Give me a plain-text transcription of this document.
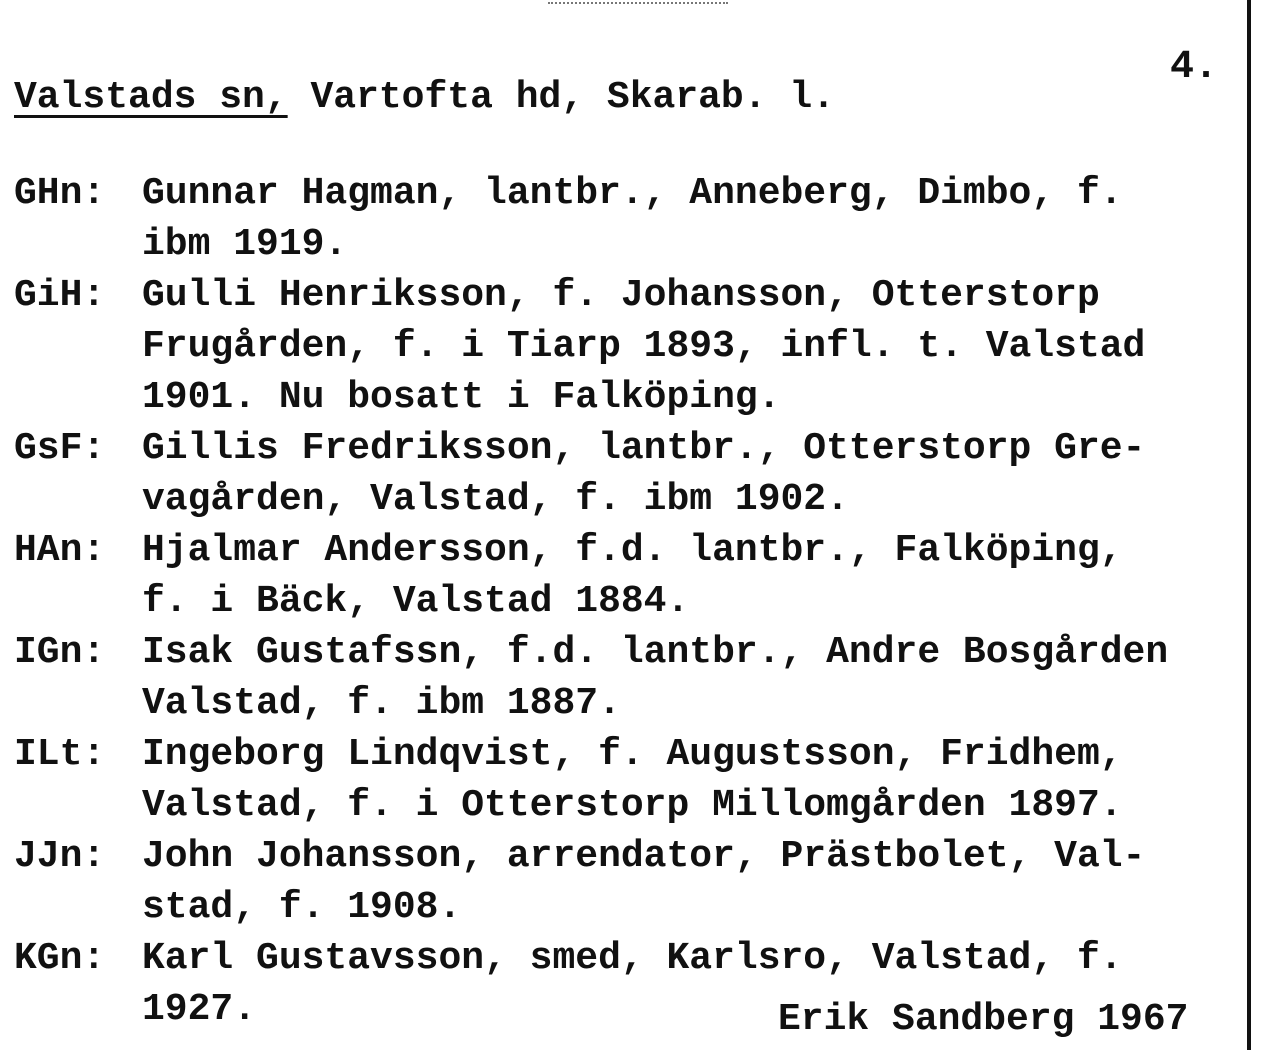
4.
Valstads sn, Vartofta hd, Skarab. l.
GHn: Gunnar Hagman, lantbr., Anneberg, Dimbo, f.
ibm 1919.
GiH: Gulli Henriksson, f. Johansson, Otterstorp
Frugården, f. i Tiarp 1893, infl. t. Valstad
1901. Nu bosatt i Falköping.
GsF: Gillis Fredriksson, lantbr., Otterstorp Gre-
vagården, Valstad, f. ibm 1902.
HAn: Hjalmar Andersson, f.d. lantbr., Falköping,
f. i Bäck, Valstad 1884.
IGn: Isak Gustafssn, f.d. lantbr., Andre Bosgården
Valstad, f. ibm 1887.
ILt: Ingeborg Lindqvist, f. Augustsson, Fridhem,
Valstad, f. i Otterstorp Millomgården 1897.
JJn: John Johansson, arrendator, Prästbolet, Val-
stad, f. 1908.
KGn: Karl Gustavsson, smed, Karlsro, Valstad, f.
1927.	Erik Sandberg 1967
